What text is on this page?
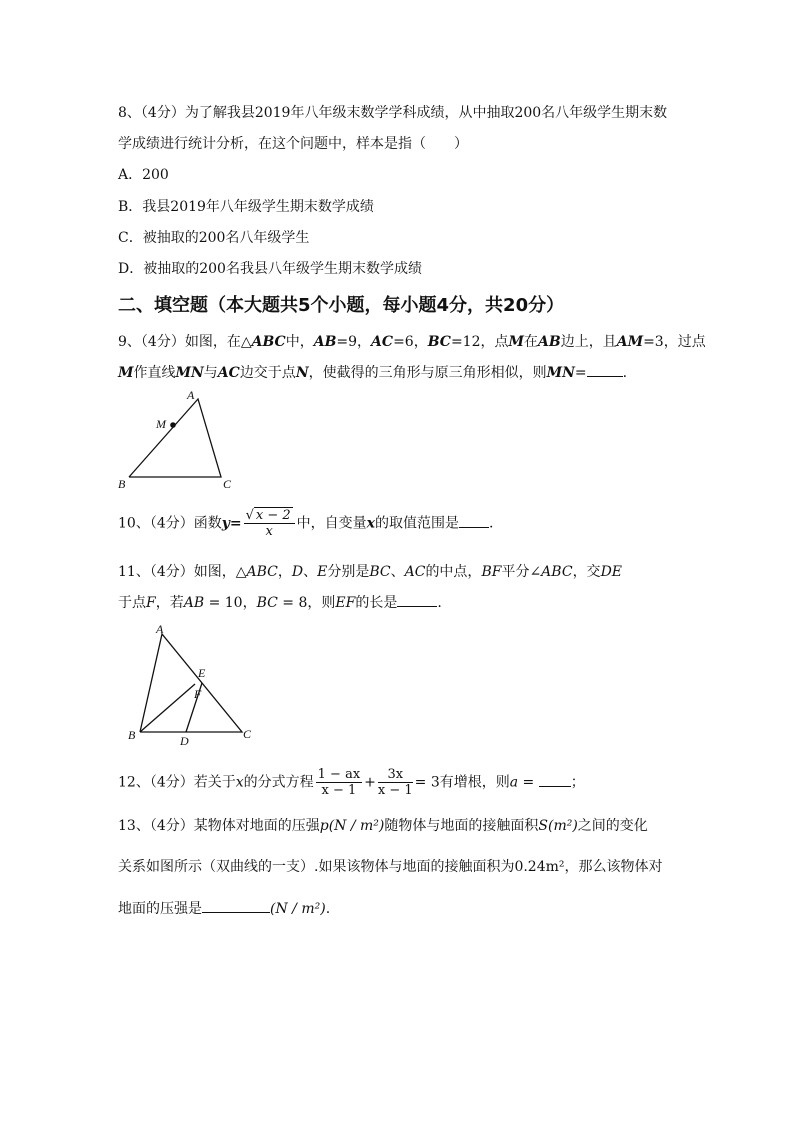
8、（4分）为了解我县2019年八年级末数学学科成绩，从中抽取200名八年级学生期末数
学成绩进行统计分析，在这个问题中，样本是指（　　）
A．200
B．我县2019年八年级学生期末数学成绩
C．被抽取的200名八年级学生
D．被抽取的200名我县八年级学生期末数学成绩
二、填空题（本大题共5个小题，每小题4分，共20分）
9、（4分）如图，在△ABC中，AB=9，AC=6，BC=12，点M在AB边上，且AM=3，过点
M作直线MN与AC边交于点N，使截得的三角形与原三角形相似，则MN=	.
A
M
B	C
10、（4分）函数$y= \frac{√ x - 2}{x}$ 中，自变量x的取值范围是 .
11、（4分）如图，△ABC，D、E分别是BC、AC的中点，BF平分∠ABC，交DE
于点F，若AB = 10，BC = 8，则EF的长是	.
A
E
F
B	D	C
12、（4分）若关于x的分式方程 $\frac{1 - ax}{x - 1} + \frac{3x}{x - 1} = 3$有增根，则a =	；
13、（4分）某物体对地面的压强p(N / m²)随物体与地面的接触面积S(m²)之间的变化
关系如图所示（双曲线的一支）.如果该物体与地面的接触面积为0.24m²，那么该物体对
地面的压强是	(N / m²).
